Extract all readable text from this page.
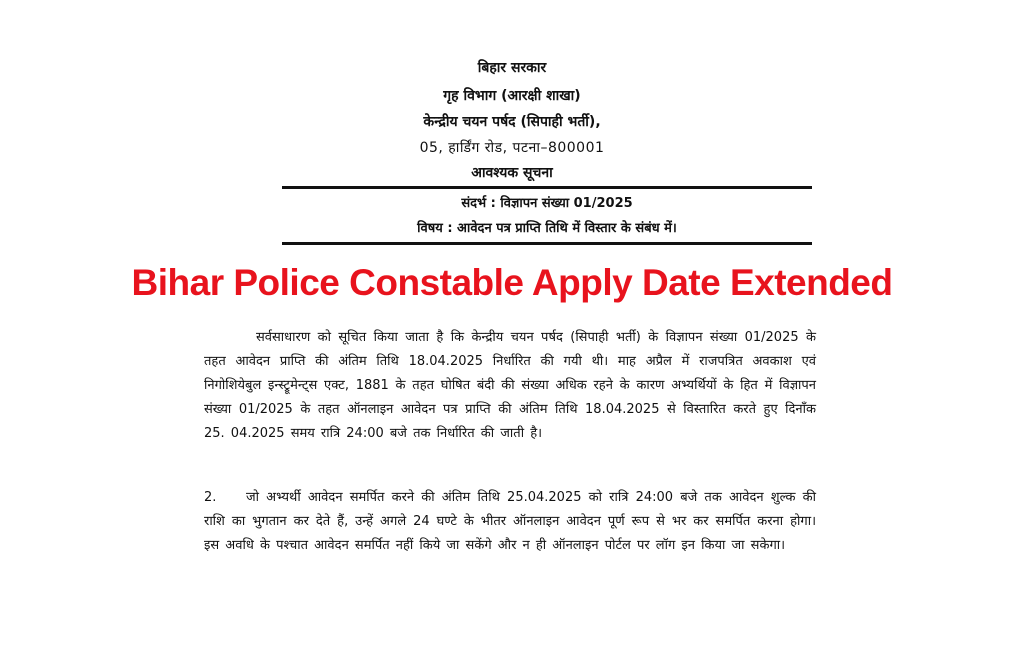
बिहार सरकार
गृह विभाग (आरक्षी शाखा)
केन्द्रीय चयन पर्षद (सिपाही भर्ती),
05, हार्डिंग रोड, पटना–800001
आवश्यक सूचना
संदर्भ : विज्ञापन संख्या 01/2025
विषय : आवेदन पत्र प्राप्ति तिथि में विस्तार के संबंध में।
Bihar Police Constable Apply Date Extended
सर्वसाधारण को सूचित किया जाता है कि केन्द्रीय चयन पर्षद (सिपाही भर्ती) के विज्ञापन संख्या 01/2025 के तहत आवेदन प्राप्ति की अंतिम तिथि 18.04.2025 निर्धारित की गयी थी। माह अप्रैल में राजपत्रित अवकाश एवं निगोशियेबुल इन्स्ट्रूमेन्ट्स एक्ट, 1881 के तहत घोषित बंदी की संख्या अधिक रहने के कारण अभ्यर्थियों के हित में विज्ञापन संख्या 01/2025 के तहत ऑनलाइन आवेदन पत्र प्राप्ति की अंतिम तिथि 18.04.2025 से विस्तारित करते हुए दिनाँक 25. 04.2025 समय रात्रि 24:00 बजे तक निर्धारित की जाती है।
2. जो अभ्यर्थी आवेदन समर्पित करने की अंतिम तिथि 25.04.2025 को रात्रि 24:00 बजे तक आवेदन शुल्क की राशि का भुगतान कर देते हैं, उन्हें अगले 24 घण्टे के भीतर ऑनलाइन आवेदन पूर्ण रूप से भर कर समर्पित करना होगा। इस अवधि के पश्चात आवेदन समर्पित नहीं किये जा सकेंगे और न ही ऑनलाइन पोर्टल पर लॉग इन किया जा सकेगा।
